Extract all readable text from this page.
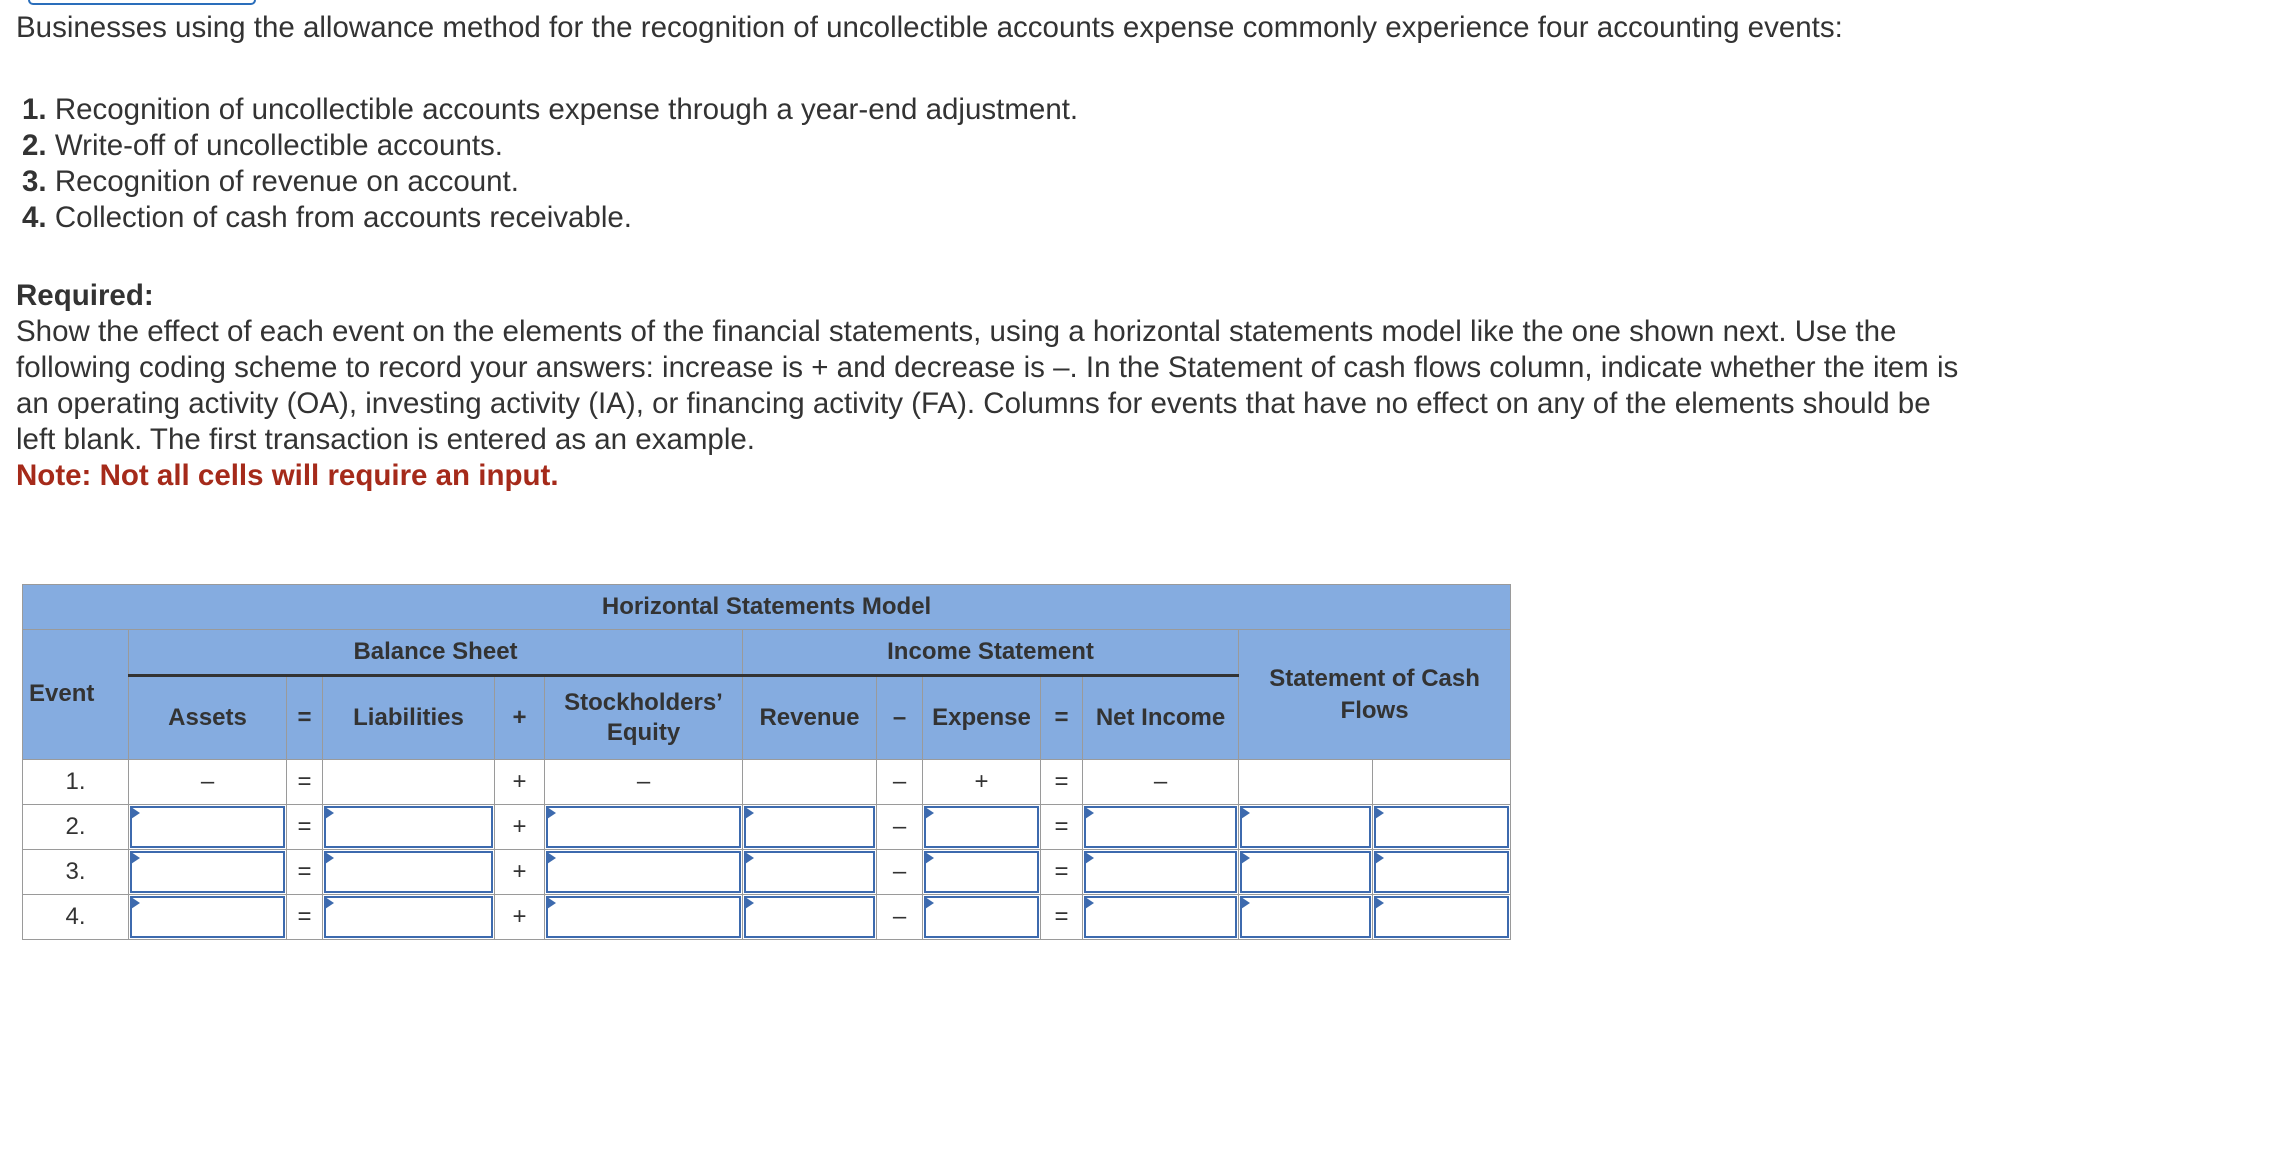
Businesses using the allowance method for the recognition of uncollectible accounts expense commonly experience four accounting events:

1. Recognition of uncollectible accounts expense through a year-end adjustment.
2. Write-off of uncollectible accounts.
3. Recognition of revenue on account.
4. Collection of cash from accounts receivable.

Required:

Show the effect of each event on the elements of the financial statements, using a horizontal statements model like the one shown next. Use the following coding scheme to record your answers: increase is + and decrease is –. In the Statement of cash flows column, indicate whether the item is an operating activity (OA), investing activity (IA), or financing activity (FA). Columns for events that have no effect on any of the elements should be left blank. The first transaction is entered as an example.

Note: Not all cells will require an input.

Horizontal Statements Model												
Event	Balance Sheet					Income Statement					Statement of Cash Flows	
	Assets	=	Liabilities	+	Stockholders’ Equity	Revenue	–	Expense	=	Net Income		
1.	–	=		+	–		–	+	=	–		
2.		=		+			–		=	

3.		=		+			–		=	

4.		=		+			–		=	
